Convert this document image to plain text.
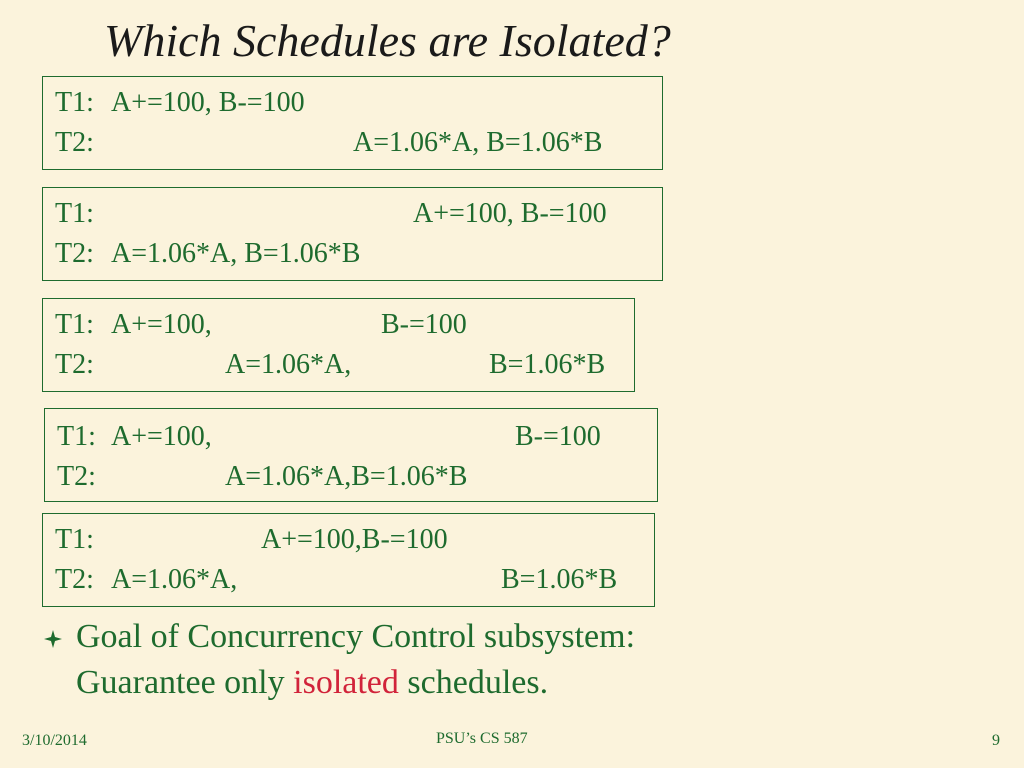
Which Schedules are Isolated?
T1: A+=100, B-=100
T2:	A=1.06*A, B=1.06*B
T1:	A+=100, B-=100
T2: A=1.06*A, B=1.06*B
T1: A+=100,	B-=100
T2:	A=1.06*A,	B=1.06*B
T1: A+=100,	B-=100
T2:	A=1.06*A,B=1.06*B
T1:	A+=100,B-=100
T2: A=1.06*A,	B=1.06*B
Goal of Concurrency Control subsystem:
Guarantee only isolated schedules.
3/10/2014	PSU’s CS 587	9
